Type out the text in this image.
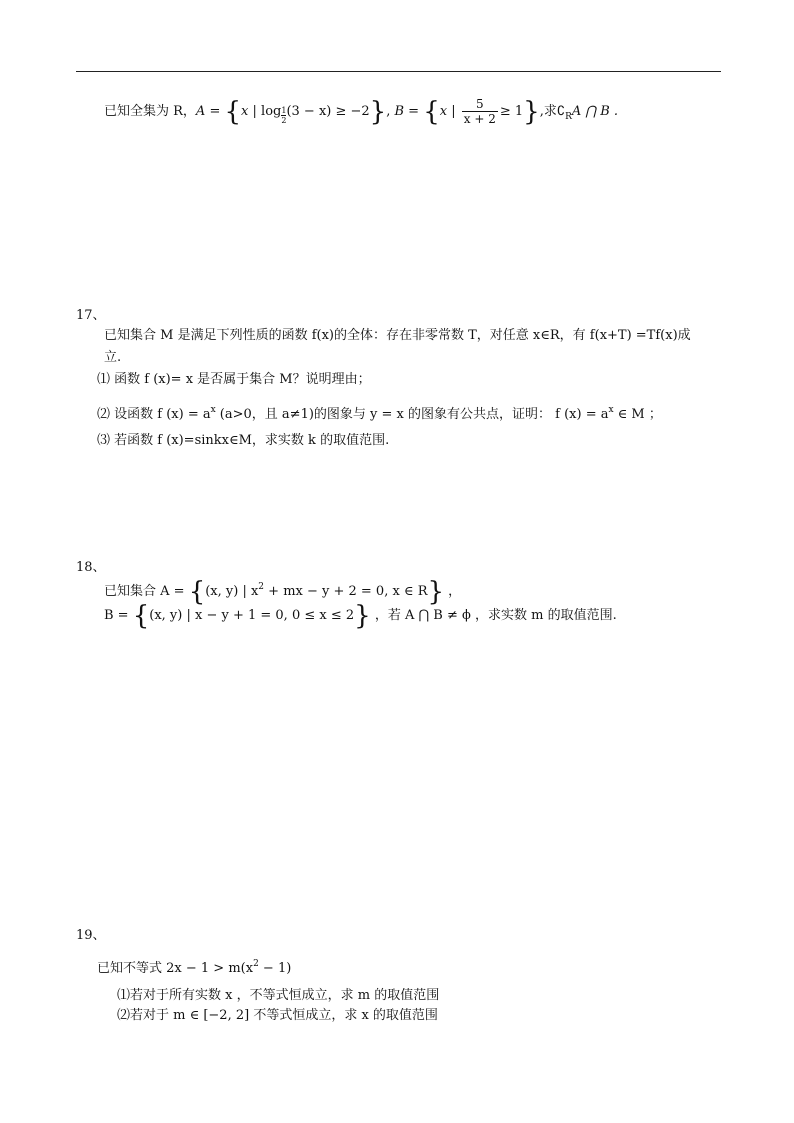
已知全集为 R，A = {x | $\log \frac{1}{2}(3 - x) \ge -2$}, B = {x | $\frac{5}{x + 2} \ge 1$},求$∁_RA$ ⋂ B .
17、
已知集合 M 是满足下列性质的函数 f(x)的全体：存在非零常数 T，对任意 x∈R，有 f(x+T) =Tf(x)成
立.
⑴ 函数 f (x)= x 是否属于集合 M？说明理由；
⑵ 设函数 f $(x) = a^x$ (a>0，且 a≠1)的图象与 y = x 的图象有公共点，证明： f $(x) = a^x$ ∈ M ；
⑶ 若函数 f (x)=sinkx∈M，求实数 k 的取值范围.
18、
已知集合 A = {(x, y) | $x^2$ + mx − y + 2 = 0, x ∈ R} ，
B = {(x, y) | x − y + 1 = 0, 0 ≤ x ≤ 2} ，若 A ⋂ B ≠ ϕ ，求实数 m 的取值范围.
19、
已知不等式 $2x - 1 > m(x^2 - 1)$
⑴若对于所有实数 x ，不等式恒成立，求 m 的取值范围
⑵若对于 m ∈ [−2, 2] 不等式恒成立，求 x 的取值范围
